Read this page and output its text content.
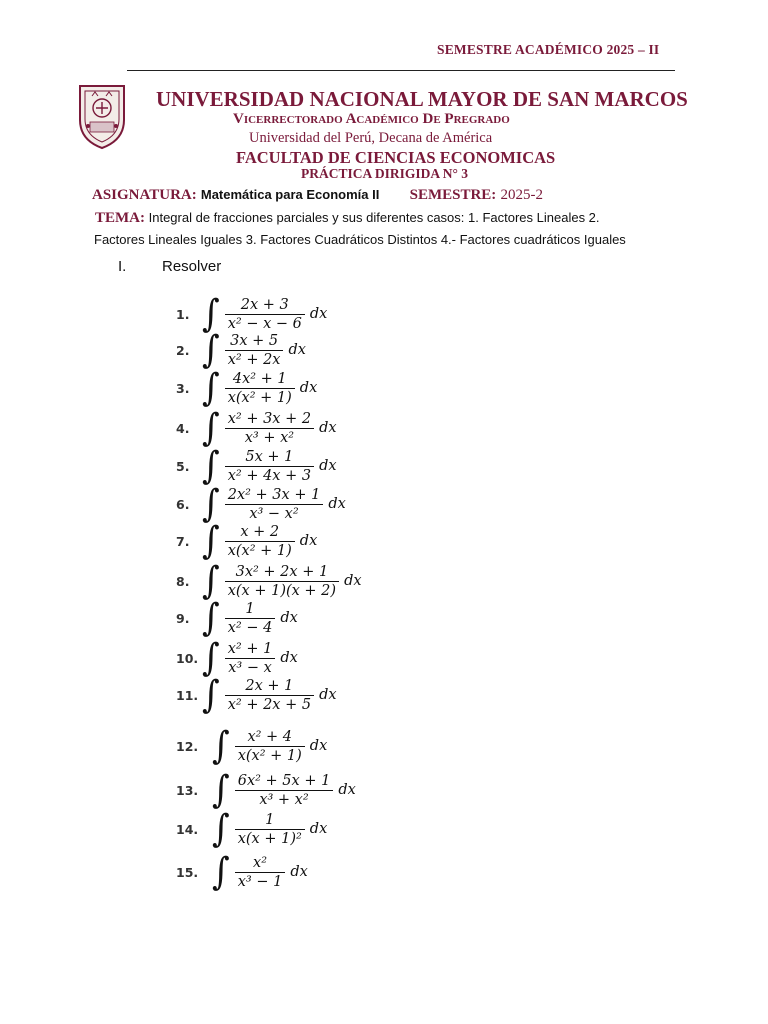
SEMESTRE ACADÉMICO 2025 – II
UNIVERSIDAD NACIONAL MAYOR DE SAN MARCOS
Vicerrectorado Académico De Pregrado
Universidad del Perú, Decana de América
FACULTAD DE CIENCIAS ECONOMICAS
PRÁCTICA DIRIGIDA N° 3
ASIGNATURA: Matemática para Economía II SEMESTRE: 2025-2
TEMA: Integral de fracciones parciales y sus diferentes casos: 1. Factores Lineales 2.
Factores Lineales Iguales 3. Factores Cuadráticos Distintos 4.- Factores cuadráticos Iguales
I. Resolver
1. ∫ $\frac{2x + 3}{\text{x² − x − 6}}$ dx
2. ∫ $\frac{3x + 5}{\text{x² + 2x}}$ dx
3. ∫ $\frac{\text{4x² + 1}}{\text{x(x² + 1)}}$ dx
4. ∫ $\frac{\text{x² + 3x + 2}}{\text{x³ + x²}}$ dx
5. ∫ $\frac{5x + 1}{\text{x² + 4x + 3}}$ dx
6. ∫ $\frac{\text{2x² + 3x + 1}}{\text{x³ − x²}}$ dx
7. ∫ $\frac{x + 2}{\text{x(x² + 1)}}$ dx
8. ∫ $\frac{\text{3x² + 2x + 1}}{x(x + 1)(x + 2)}$ dx
9. ∫ $\frac{1}{\text{x² − 4}}$ dx
10. ∫ $\frac{\text{x² + 1}}{\text{x³ − x}}$ dx
11. ∫ $\frac{2x + 1}{\text{x² + 2x + 5}}$ dx
12. ∫ $\frac{\text{x² + 4}}{\text{x(x² + 1)}}$ dx
13. ∫ $\frac{\text{6x² + 5x + 1}}{\text{x³ + x²}}$ dx
14. ∫ $\frac{1}{\text{x(x + 1)²}}$ dx
15. ∫ $\frac{\text{x²}}{\text{x³ − 1}}$ dx
